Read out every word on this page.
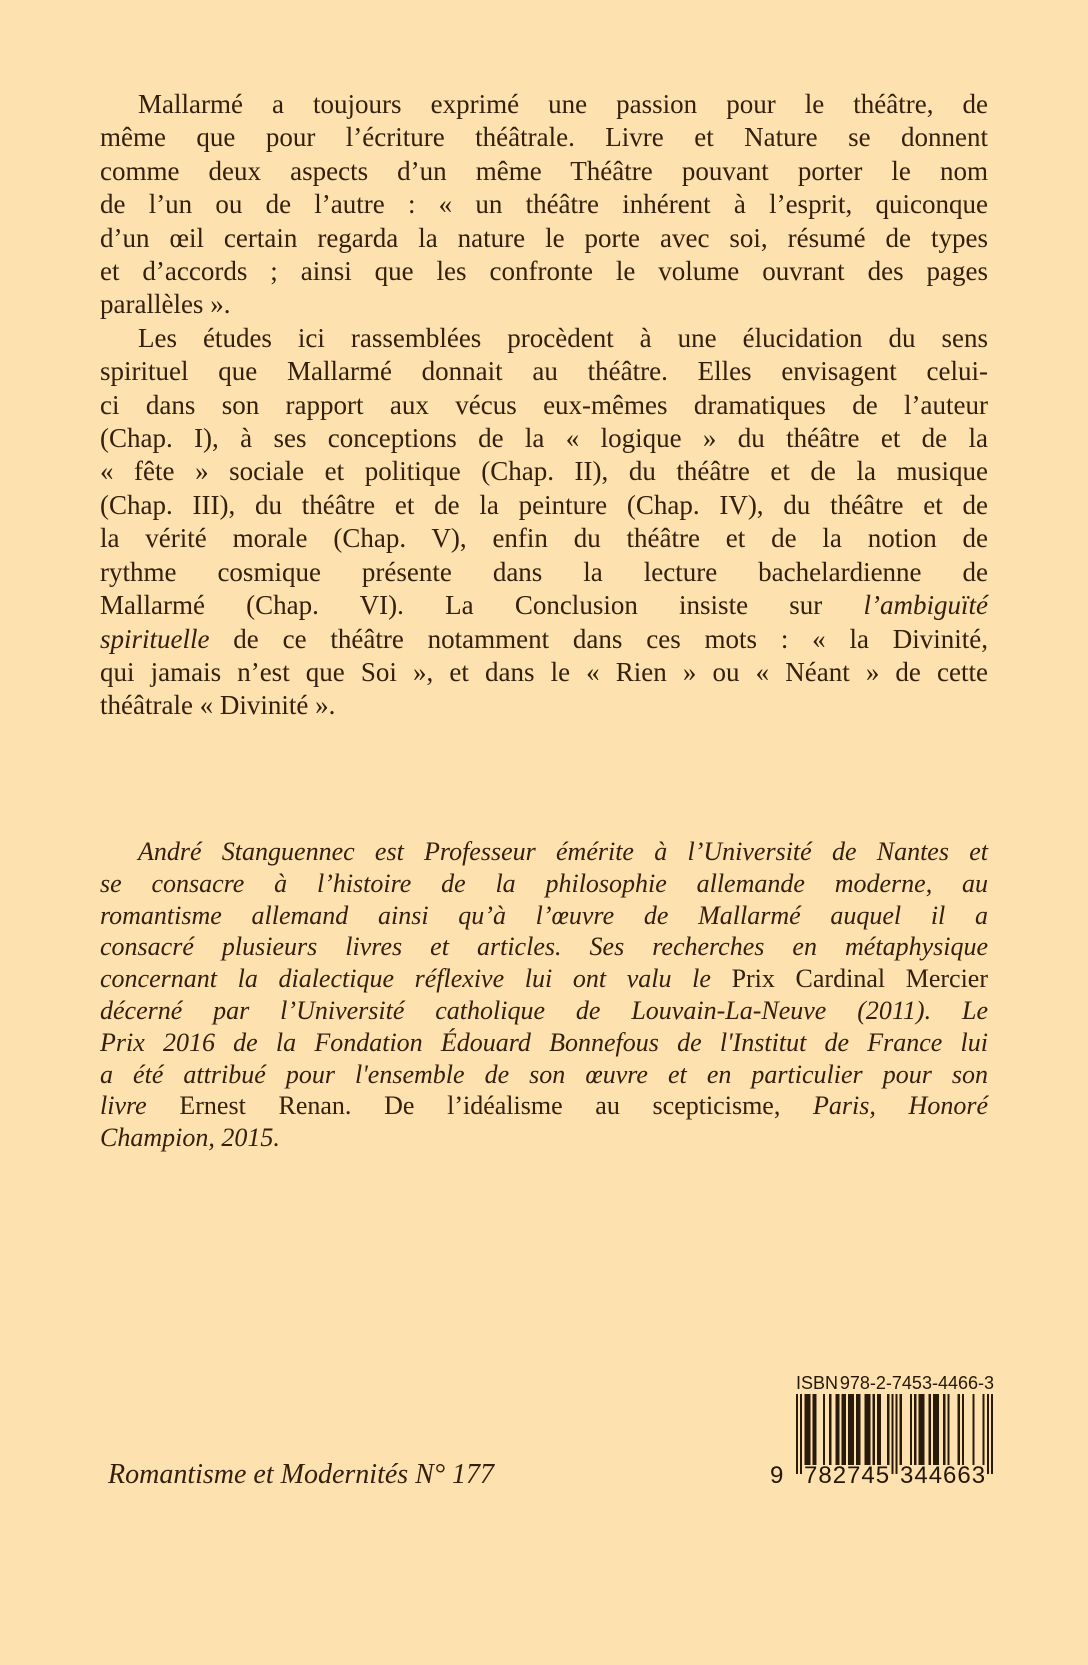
Mallarmé a toujours exprimé une passion pour le théâtre, de
même que pour l’écriture théâtrale. Livre et Nature se donnent
comme deux aspects d’un même Théâtre pouvant porter le nom
de l’un ou de l’autre : « un théâtre inhérent à l’esprit, quiconque
d’un œil certain regarda la nature le porte avec soi, résumé de types
et d’accords ; ainsi que les confronte le volume ouvrant des pages
parallèles ».
Les études ici rassemblées procèdent à une élucidation du sens
spirituel que Mallarmé donnait au théâtre. Elles envisagent celui-
ci dans son rapport aux vécus eux-mêmes dramatiques de l’auteur
(Chap. I), à ses conceptions de la « logique » du théâtre et de la
« fête » sociale et politique (Chap. II), du théâtre et de la musique
(Chap. III), du théâtre et de la peinture (Chap. IV), du théâtre et de
la vérité morale (Chap. V), enfin du théâtre et de la notion de
rythme cosmique présente dans la lecture bachelardienne de
Mallarmé (Chap. VI). La Conclusion insiste sur l’ambiguïté
spirituelle de ce théâtre notamment dans ces mots : « la Divinité,
qui jamais n’est que Soi », et dans le « Rien » ou « Néant » de cette
théâtrale « Divinité ».
André Stanguennec est Professeur émérite à l’Université de Nantes et
se consacre à l’histoire de la philosophie allemande moderne, au
romantisme allemand ainsi qu’à l’œuvre de Mallarmé auquel il a
consacré plusieurs livres et articles. Ses recherches en métaphysique
concernant la dialectique réflexive lui ont valu le Prix Cardinal Mercier
décerné par l’Université catholique de Louvain-La-Neuve (2011). Le
Prix 2016 de la Fondation Édouard Bonnefous de l'Institut de France lui
a été attribué pour l'ensemble de son œuvre et en particulier pour son
livre Ernest Renan. De l’idéalisme au scepticisme, Paris, Honoré
Champion, 2015.
ISBN 978-2-7453-4466-3
9 782745 344663
Romantisme et Modernités N° 177
